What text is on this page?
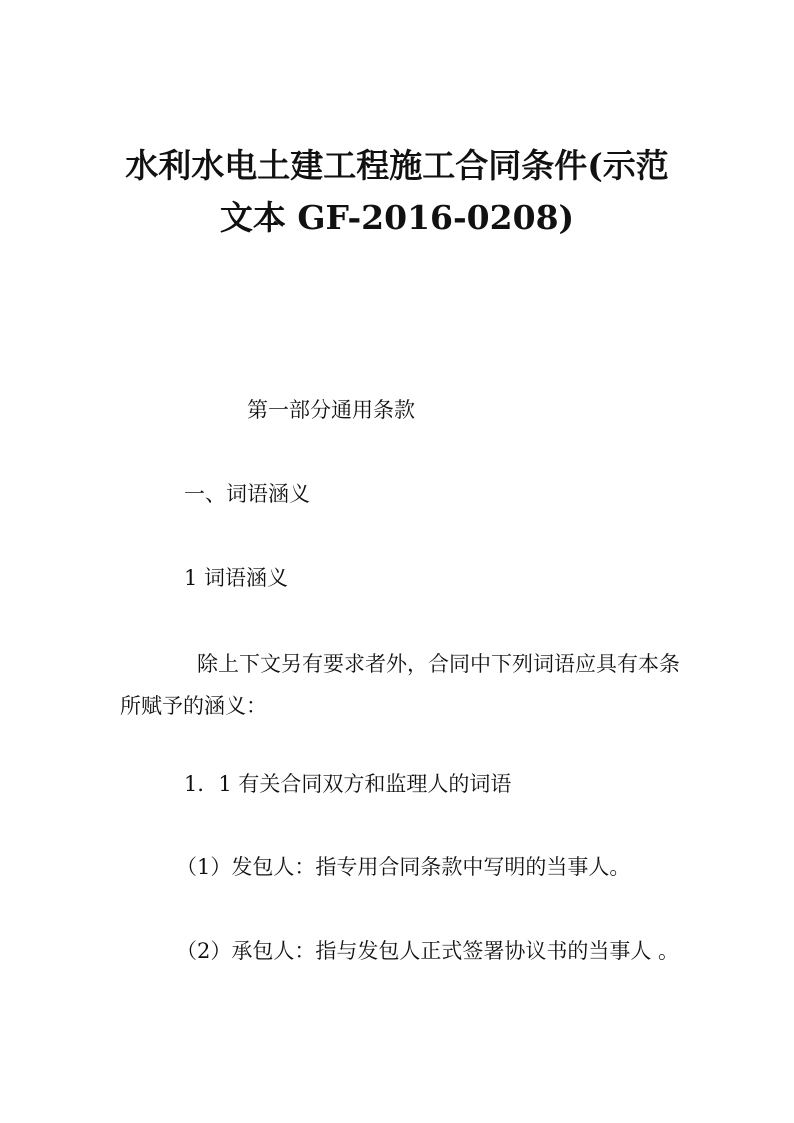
水利水电土建工程施工合同条件(示范
文本 GF-2016-0208)
第一部分通用条款
一、词语涵义
1 词语涵义
除上下文另有要求者外，合同中下列词语应具有本条所赋予的涵义：
1．1 有关合同双方和监理人的词语
（1）发包人：指专用合同条款中写明的当事人。
（2）承包人：指与发包人正式签署协议书的当事人 。
